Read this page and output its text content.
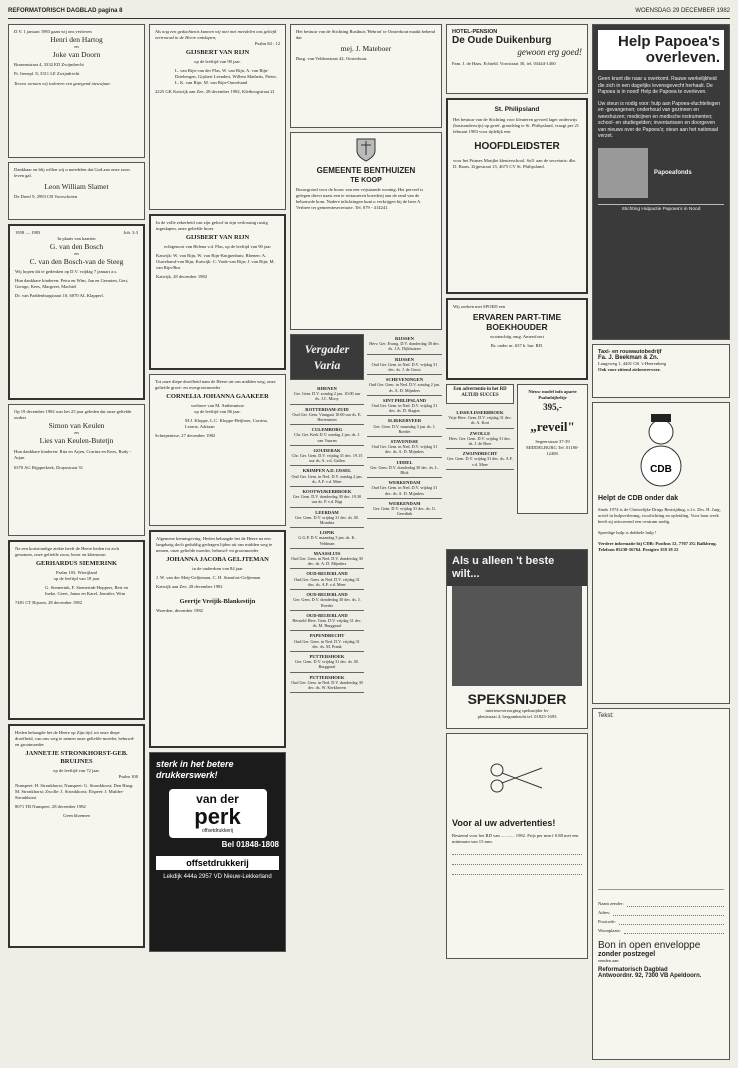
REFORMATORISCH DAGBLAD pagina 8	WOENSDAG 29 DECEMBER 1982
D.V. 1 januari 1983 gaan wij ons verloven
Henri den Hartog
en
Joke van Doorn
Brasemstraat 4, 3332 ED Zwijndrecht
Pr. Irenepl. 8, 3311 LE Zwijndrecht
Tevens wensen wij iedereen een gezegend nieuwjaar.
Dankbaar en blij willen wij u meedelen dat God aan onze zoon leven gaf.
Leon William Slamet
De Dreef 9, 2993 CB Voorschoten
1958 — 1983	Joh. 3:3
In plaats van kaarten
G. van den Bosch
en
C. van den Bosch-van de Steeg
Wij hopen dit te gedenken op D.V. vrijdag 7 januari a.s.
Hun dankbare kinderen: Petra en Wim, Jan en Germien, Gert, George, Kees, Margreet, Machiel
Dr. van Paddenburgstraat 10, 6070 AL Klapperl.
Op 19 december 1982 was het 25 jaar geleden dat onze geliefde ouders
Simon van Keulen
en
Lies van Keulen-Butetjn
Hun dankbare kinderen: Rita en Arjen, Corrina en Kees, Rudy - Arjan
6370 AG Rijpperkerk, Dorpsstraat 31
Na een kortstondige ziekte heeft de Heere heden tot zich genomen, onze geliefde zoon, broer en kleinzoon
GERHARDUS SIEMERINK
Psalm 103. Wierijland
op de leeftijd van 18 jaar
G. Siemerink, F. Siemerink-Hoppers, Bert en Ineke, Geert, Janus en Karel, Jennifer, Wim
7481 CT Rijssen, 28 december 1982
Heden behaagde het de Heere op Zijn tijd, tot onze diepe droefheid, van ons weg te nemen onze geliefde moeder, behuwd- en grootmoeder
JANNETJE STRONKHORST-GEB. BRUIJNES
op de leeftijd van 72 jaar.
Psalm 100
Nunspeet: H. Stronkhorst; Nunspeet: G. Stronkhorst; Den Haag: M. Stronkhorst; Zwolle: J. Stronkhorst; Elspeet: J. Mulder-Stronkhorst
8071 TB Nunspeet, 28 december 1982
Geen bloemen
Als nog een gedachtenis kunnen wij niet met meedelen ons geliefd vertrouwd in de Heere ontslapen,
Psalm 84 : 12
GIJSBERT VAN RIJN
op de leeftijd van 90 jaar.
L. van Rijn-van der Plas, W. van Rijn, A. van Rijn-Driebergen, Gijsbert Leendert, Willem Matheüs, Pieter, L. K. van Rijn, M. van Rijn-Ouwehand
2225 GK Katwijk aan Zee, 28 december 1982, Kleiboogstraat 21
In de volle zekerheid van zijn geloof in zijn verlossing rustig ingeslapen, onze geliefde broer
GIJSBERT VAN RIJN
echtgenoot van Helena v.d. Plas, op de leeftijd van 90 jaar
Katwijk: W. van Rijn, W. van Rijn-Knijpenhuis; Rhenen: A. Ouwehand-van Rijn; Katwijk: C. Vonk-van Rijn; J. van Rijn; M. van Rijn-Bus
Katwijk, 28 december 1982
Tot onze diepe droefheid nam de Heere uit ons midden weg, onze geliefde groot- en overgrootmoeder
CORNELIA JOHANNA GAAKEER
weduwe van M. Antheunisse
op de leeftijd van 86 jaar.
M.J. Kloppe, L.C. Kloppe-Heijboer, Corrina, Leonie, Adriaan
Scherpenisse, 27 december 1982
Algemene kennisgeving. Heden behaagde het de Heere na een langdurig doch geduldig gedragen lijden uit ons midden weg te nemen, onze geliefde moeder, behuwd- en grootmoeder
JOHANNA JACOBA GELJTEMAN
in de ouderdom van 84 jaar
J. W. van der Meij-Geljteman, C. H. Stamfort-Geljteman
Katwijk aan Zee, 28 december 1982
Geertje Vreijik-Blankestijn
Woerden, december 1982
sterk in het betere drukkerswerk!
van der
perk
offsetdrukkerij
Bel 01848-1808
offsetdrukkerij
Lekdijk 444a 2957 VD Nieuw-Lekkerland
Het bestuur van de Stichting Rusthuis 'Hebron' te Oosterhout maakt bekend dat
mej. J. Mateboer
Burg. van Veldenstraat 42, Oosterhout.
GEMEENTE BENTHUIZEN
TE KOOP
Bouwgrond voor de bouw van een vrijstaande woning. Het perceel is gelegen direct naast een te restaureren boerderij aan de rand van de bebouwde kom. Nadere inlichtingen kunt u verkrijgen bij de heer A. Verbree ter gemeentesecretarie. Tel. 079 - 414241.
Vergader Varia
RHENEN
Ger. Gem. D.V. zondag 2 jan. 10.00 uur ds. J.C. Mooy
ROTTERDAM-ZUID
Oud Ger. Gem. Vinngaat 10.00 uur ds. E. Hertenstein
CULEMBORG
Chr. Ger. Kerk D.V. zondag 2 jan. ds. J. van Vuuren
GOUDERAK
Chr. Ger. Gem. D.V. vrijdag 31 dec. 19.15 uur ds. A. v.d. Gallen
KRIMPEN A.D. IJSSEL
Oud Ger. Gem. in Ned. D.V. zondag 2 jan. ds. A.F. v.d. Meer
KOOTWIJKERBROEK
Ger. Gem. D.V. donderdag 30 dec. 19.30 uur ds. P. v.d. Rigt
LEERDAM
Ger. Gem. D.V. vrijdag 31 dec. ds. M. Mondria
LOPIK
G.G.P. D.V. maandag 3 jan. ds. K. Veldman
MAASSLUIS
Oud Ger. Gem. in Ned. D.V. donderdag 30 dec. ds. A. D. Mijnders
OUD-BEIJERLAND
Oud Ger. Gem. in Ned. D.V. vrijdag 31 dec. ds. A.F. v.d. Meer
OUD-BEIJERLAND
Ger. Gem. D.V. donderdag 30 dec. ds. J. Roeder
OUD-BEIJERLAND
Hersteld Herv. Gem. D.V. vrijdag 31 dec. ds. M. Burggraaf
PAPENDRECHT
Oud Ger. Gem. in Ned. D.V. vrijdag 31 dec. ds. M. Prank
PUTTERSHOEK
Ger. Gem. D.V. vrijdag 31 dec. ds. M. Burggraaf
PUTTERSHOEK
Oud Ger. Gem. in Ned. D.V. donderdag 30 dec. ds. W. Kerkhoven
RIJSSEN
Herv. Ger. Evang. D.V. donderdag 30 dec. ds. J.A. Dijkhuizen
RIJSSEN
Oud Ger. Gem. in Ned. D.V. vrijdag 31 dec. ds. J. de Groot
SCHEVENINGEN
Oud Ger. Gem. in Ned. D.V. zondag 2 jan. ds. A. D. Mijnders
SINT PHILIPSLAND
Oud Ger. Gem. in Ned. D.V. vrijdag 31 dec. ds. D. Slagter
SLIKKERVEER
Ger. Gem. D.V. maandag 3 jan. ds. J. Roeder
STAVENISSE
Oud Ger. Gem. in Ned. D.V. vrijdag 31 dec. ds. A. D. Mijnders
UDDEL
Ger. Gem. D.V. donderdag 30 dec. ds. L. Blok
WERKENDAM
Oud Ger. Gem. in Ned. D.V. vrijdag 31 dec. ds. A. D. Mijnders
WERKENDAM
Ger. Gem. D.V. vrijdag 31 dec. ds. G. Geerdink
HOTEL-PENSION
De Oude Duikenburg
gewoon erg goed!
Fam. J. de Haas, Echteld. Voorstraat 30, tel. 03444-1460
St. Philipsland
Het bestuur van de Stichting voor kleuteren gevoed lager onderwijs (basisonderwijs) op geref. grondslag te St. Philipsland, vraagt per 21 februari 1983 voor tijdelijk een
HOOFDLEIDSTER
voor het Prinses Marijke kleuterschool. Soll. aan de secretaris: dhr. D. Baars, Zijpestraat 15, 4675 CV St. Philipsland.
Wij zoeken met SPOED een
ERVAREN PART-TIME BOEKHOUDER
woonachtig omg. Amersfoort
Br. onder nr. 637 b. bur. RD.
Een advertentie in het RD ALTIJD SUCCES
LISSE/LISSERBROEK
Vrije Herv. Gem. D.V. vrijdag 31 dec. ds. A. Kort
ZWOLLE
Herv. Ger. Gem. D.V. vrijdag 31 dec. ds. J. de Boer
ZWIJNDRECHT
Ger. Gem. D.V. vrijdag 31 dec. ds. A.F. v.d. Meer
Nieuw model info aparte Psalmbijbeltje
395,-
„reveil"
Segeerstraat 37-39 MIDDELBURG Tel. 01180-12408.
Als u alleen 't beste wilt...
SPEKSNIJDER
interieurverzorging speksnijder bv
plenistraat 4, bergambacht tel. 01825-1693
Voor al uw advertenties!
Bestemd voor het RD van ............ 1982. Prijs per mm f 0.88 met een minimum van 15 mm.
Help Papoea's overleven.
Geen krant die naar u overkomt. Rauwe werkelijkheid die zich in een dagelijks levensgevecht herhaalt. De Papoea is in nood! Help de Papoea te overleven.
Uw steun is nodig voor: hulp aan Papoea-vluchtelingen en -gevangenen; onderhoud van gezinnen en weeshuizen; medicijnen en medische instrumenten; school- en studiegelden; inventarissen en doorgeven van nieuws over de Papoea's; steun aan het nationaal verzet.
Papoeafonds
Stichting Hulpactie Papoea's in Nood
Taxi- en rouwautobedrijf
Fa. J. Beekman & Zn.
Langeweg 1, 4401 CK 's-Heerenberg
Ook voor zittend ziekenvervoer.
CDB
Helpt de CDB onder dak
Sinds 1974 is de Christelijke Drugs Bestrijding, o.l.v. Drs. H. Jurg, actief in hulpverlening, voorlichting en opleiding. Voor haar werk heeft zij uitvoerend een centrum nodig.
Spoedige hulp is dubbele hulp !
Verdere informatie bij CDB: Postbus 12, 7707 ZG Balkbrug. Telefoon 05238-56764. Postgiro 358 18 22
Tekst:
Naam zender:
Adres:
Postcode:
Woonplaats:
Bon in open enveloppe
zonder postzegel
zenden aan
Reformatorisch Dagblad
Antwoordnr. 92, 7300 VB Apeldoorn.
